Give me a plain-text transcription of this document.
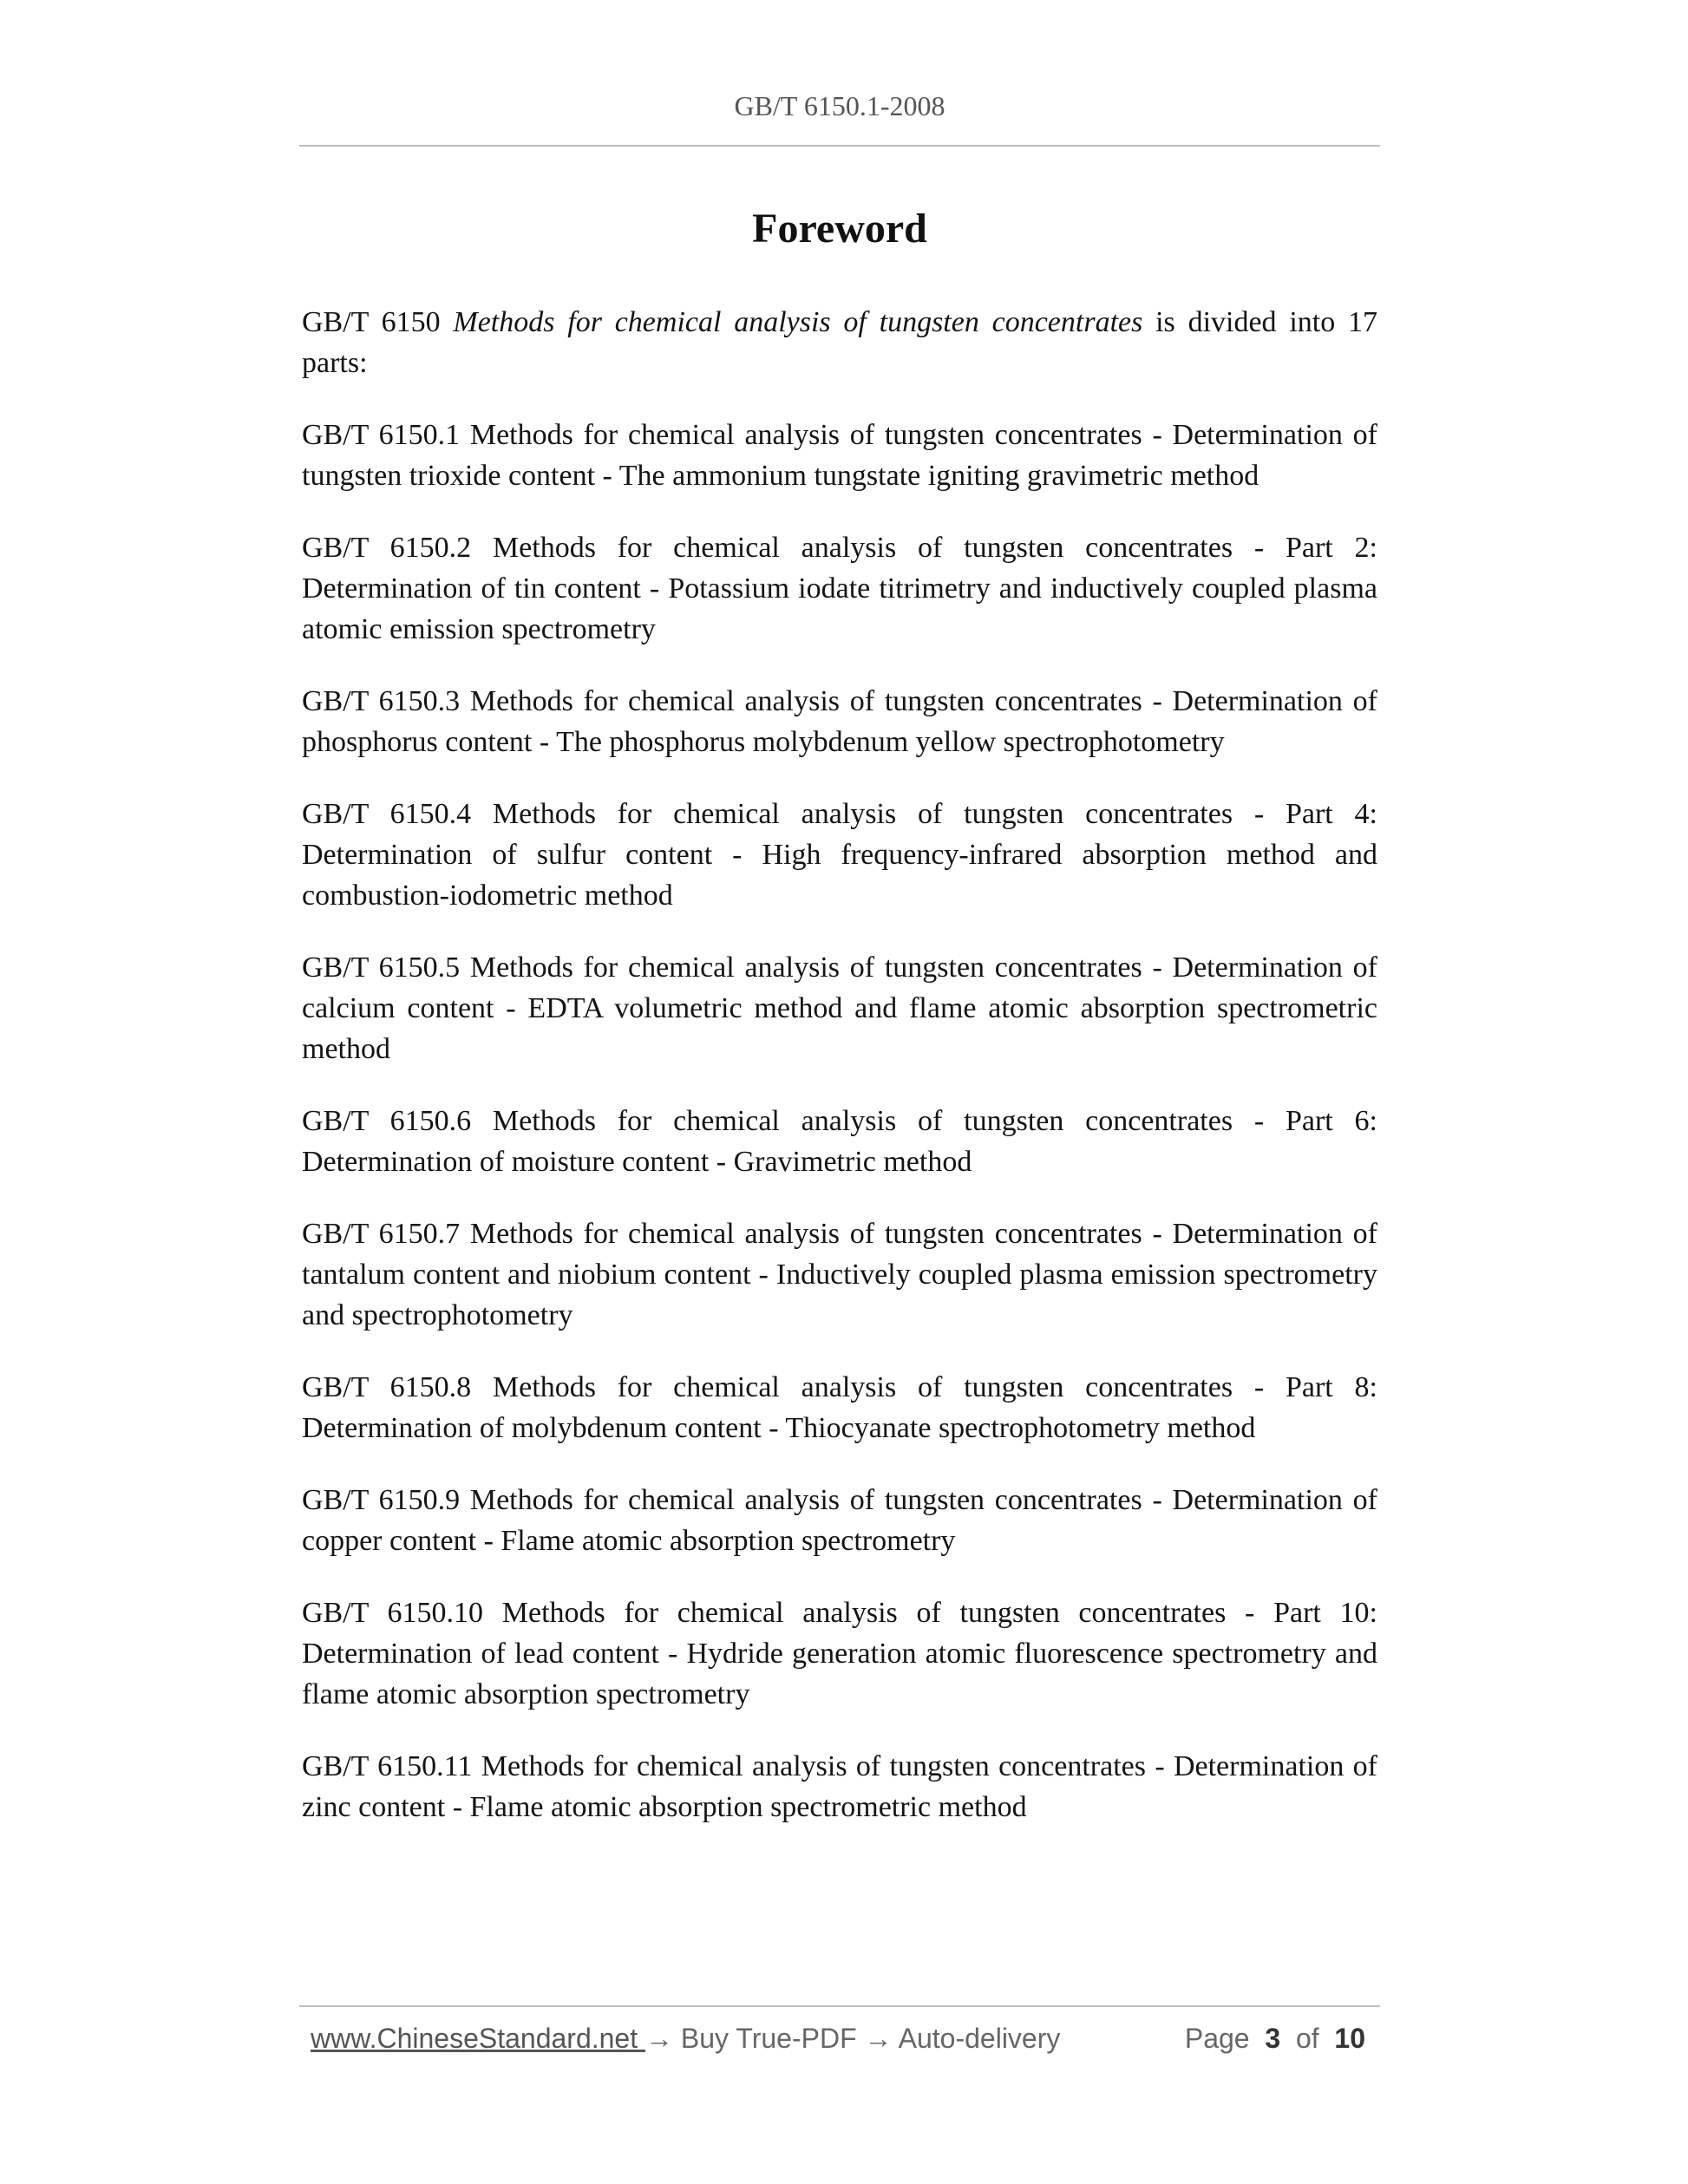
GB/T 6150.1-2008
Foreword

GB/T 6150 Methods for chemical analysis of tungsten concentrates is divided into 17 parts:

GB/T 6150.1 Methods for chemical analysis of tungsten concentrates - Determination of tungsten trioxide content - The ammonium tungstate igniting gravimetric method

GB/T 6150.2 Methods for chemical analysis of tungsten concentrates - Part 2: Determination of tin content - Potassium iodate titrimetry and inductively coupled plasma atomic emission spectrometry

GB/T 6150.3 Methods for chemical analysis of tungsten concentrates - Determination of phosphorus content - The phosphorus molybdenum yellow spectrophotometry

GB/T 6150.4 Methods for chemical analysis of tungsten concentrates - Part 4: Determination of sulfur content - High frequency-infrared absorption method and combustion-iodometric method

GB/T 6150.5 Methods for chemical analysis of tungsten concentrates - Determination of calcium content - EDTA volumetric method and flame atomic absorption spectrometric method

GB/T 6150.6 Methods for chemical analysis of tungsten concentrates - Part 6: Determination of moisture content - Gravimetric method

GB/T 6150.7 Methods for chemical analysis of tungsten concentrates - Determination of tantalum content and niobium content - Inductively coupled plasma emission spectrometry and spectrophotometry

GB/T 6150.8 Methods for chemical analysis of tungsten concentrates - Part 8: Determination of molybdenum content - Thiocyanate spectrophotometry method

GB/T 6150.9 Methods for chemical analysis of tungsten concentrates - Determination of copper content - Flame atomic absorption spectrometry

GB/T 6150.10 Methods for chemical analysis of tungsten concentrates - Part 10: Determination of lead content - Hydride generation atomic fluorescence spectrometry and flame atomic absorption spectrometry

GB/T 6150.11 Methods for chemical analysis of tungsten concentrates - Determination of zinc content - Flame atomic absorption spectrometric method

www.ChineseStandard.net → Buy True-PDF → Auto-delivery	Page 3 of 10
